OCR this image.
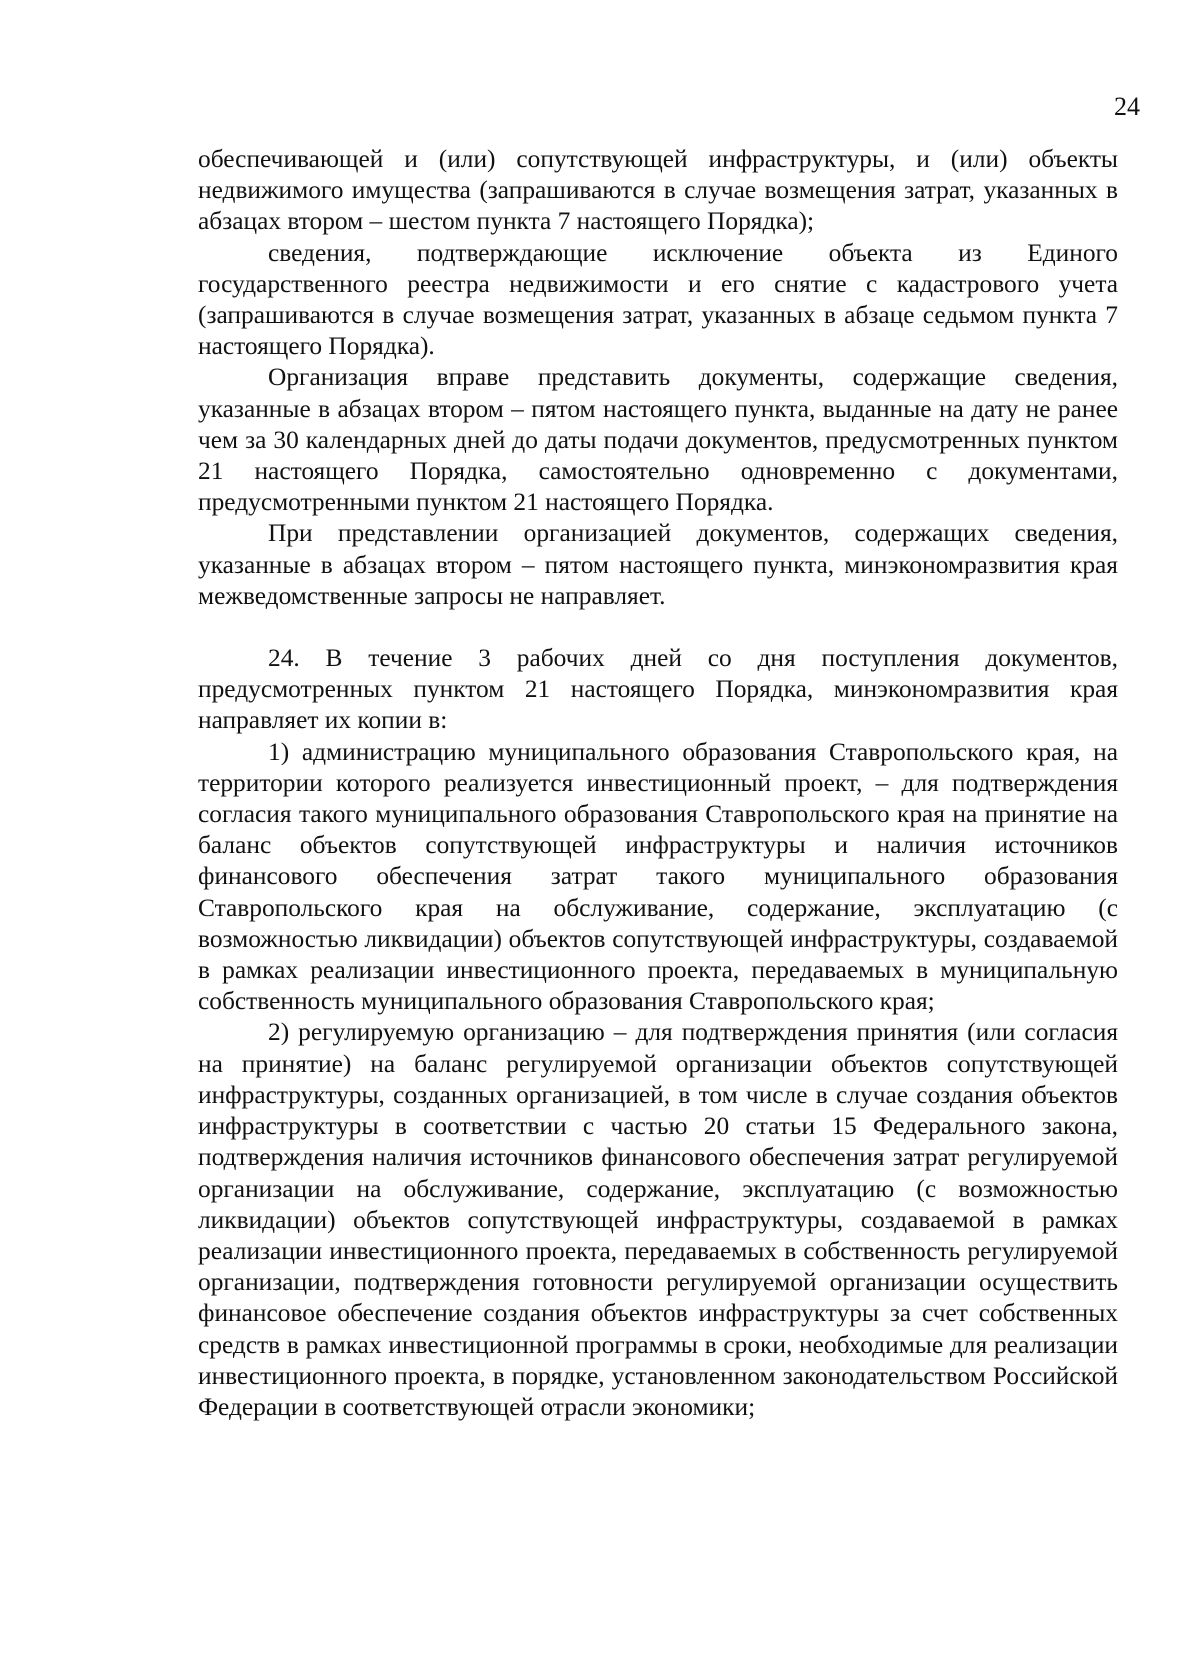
24

обеспечивающей и (или) сопутствующей инфраструктуры, и (или) объекты недвижимого имущества (запрашиваются в случае возмещения затрат, указанных в абзацах втором – шестом пункта 7 настоящего Порядка);

сведения, подтверждающие исключение объекта из Единого государственного реестра недвижимости и его снятие с кадастрового учета (запрашиваются в случае возмещения затрат, указанных в абзаце седьмом пункта 7 настоящего Порядка).

Организация вправе представить документы, содержащие сведения, указанные в абзацах втором – пятом настоящего пункта, выданные на дату не ранее чем за 30 календарных дней до даты подачи документов, предусмотренных пунктом 21 настоящего Порядка, самостоятельно одновременно с документами, предусмотренными пунктом 21 настоящего Порядка.

При представлении организацией документов, содержащих сведения, указанные в абзацах втором – пятом настоящего пункта, минэкономразвития края межведомственные запросы не направляет.

24. В течение 3 рабочих дней со дня поступления документов, предусмотренных пунктом 21 настоящего Порядка, минэкономразвития края направляет их копии в:

1) администрацию муниципального образования Ставропольского края, на территории которого реализуется инвестиционный проект, – для подтверждения согласия такого муниципального образования Ставропольского края на принятие на баланс объектов сопутствующей инфраструктуры и наличия источников финансового обеспечения затрат такого муниципального образования Ставропольского края на обслуживание, содержание, эксплуатацию (с возможностью ликвидации) объектов сопутствующей инфраструктуры, создаваемой в рамках реализации инвестиционного проекта, передаваемых в муниципальную собственность муниципального образования Ставропольского края;

2) регулируемую организацию – для подтверждения принятия (или согласия на принятие) на баланс регулируемой организации объектов сопутствующей инфраструктуры, созданных организацией, в том числе в случае создания объектов инфраструктуры в соответствии с частью 20 статьи 15 Федерального закона, подтверждения наличия источников финансового обеспечения затрат регулируемой организации на обслуживание, содержание, эксплуатацию (с возможностью ликвидации) объектов сопутствующей инфраструктуры, создаваемой в рамках реализации инвестиционного проекта, передаваемых в собственность регулируемой организации, подтверждения готовности регулируемой организации осуществить финансовое обеспечение создания объектов инфраструктуры за счет собственных средств в рамках инвестиционной программы в сроки, необходимые для реализации инвестиционного проекта, в порядке, установленном законодательством Российской Федерации в соответствующей отрасли экономики;
